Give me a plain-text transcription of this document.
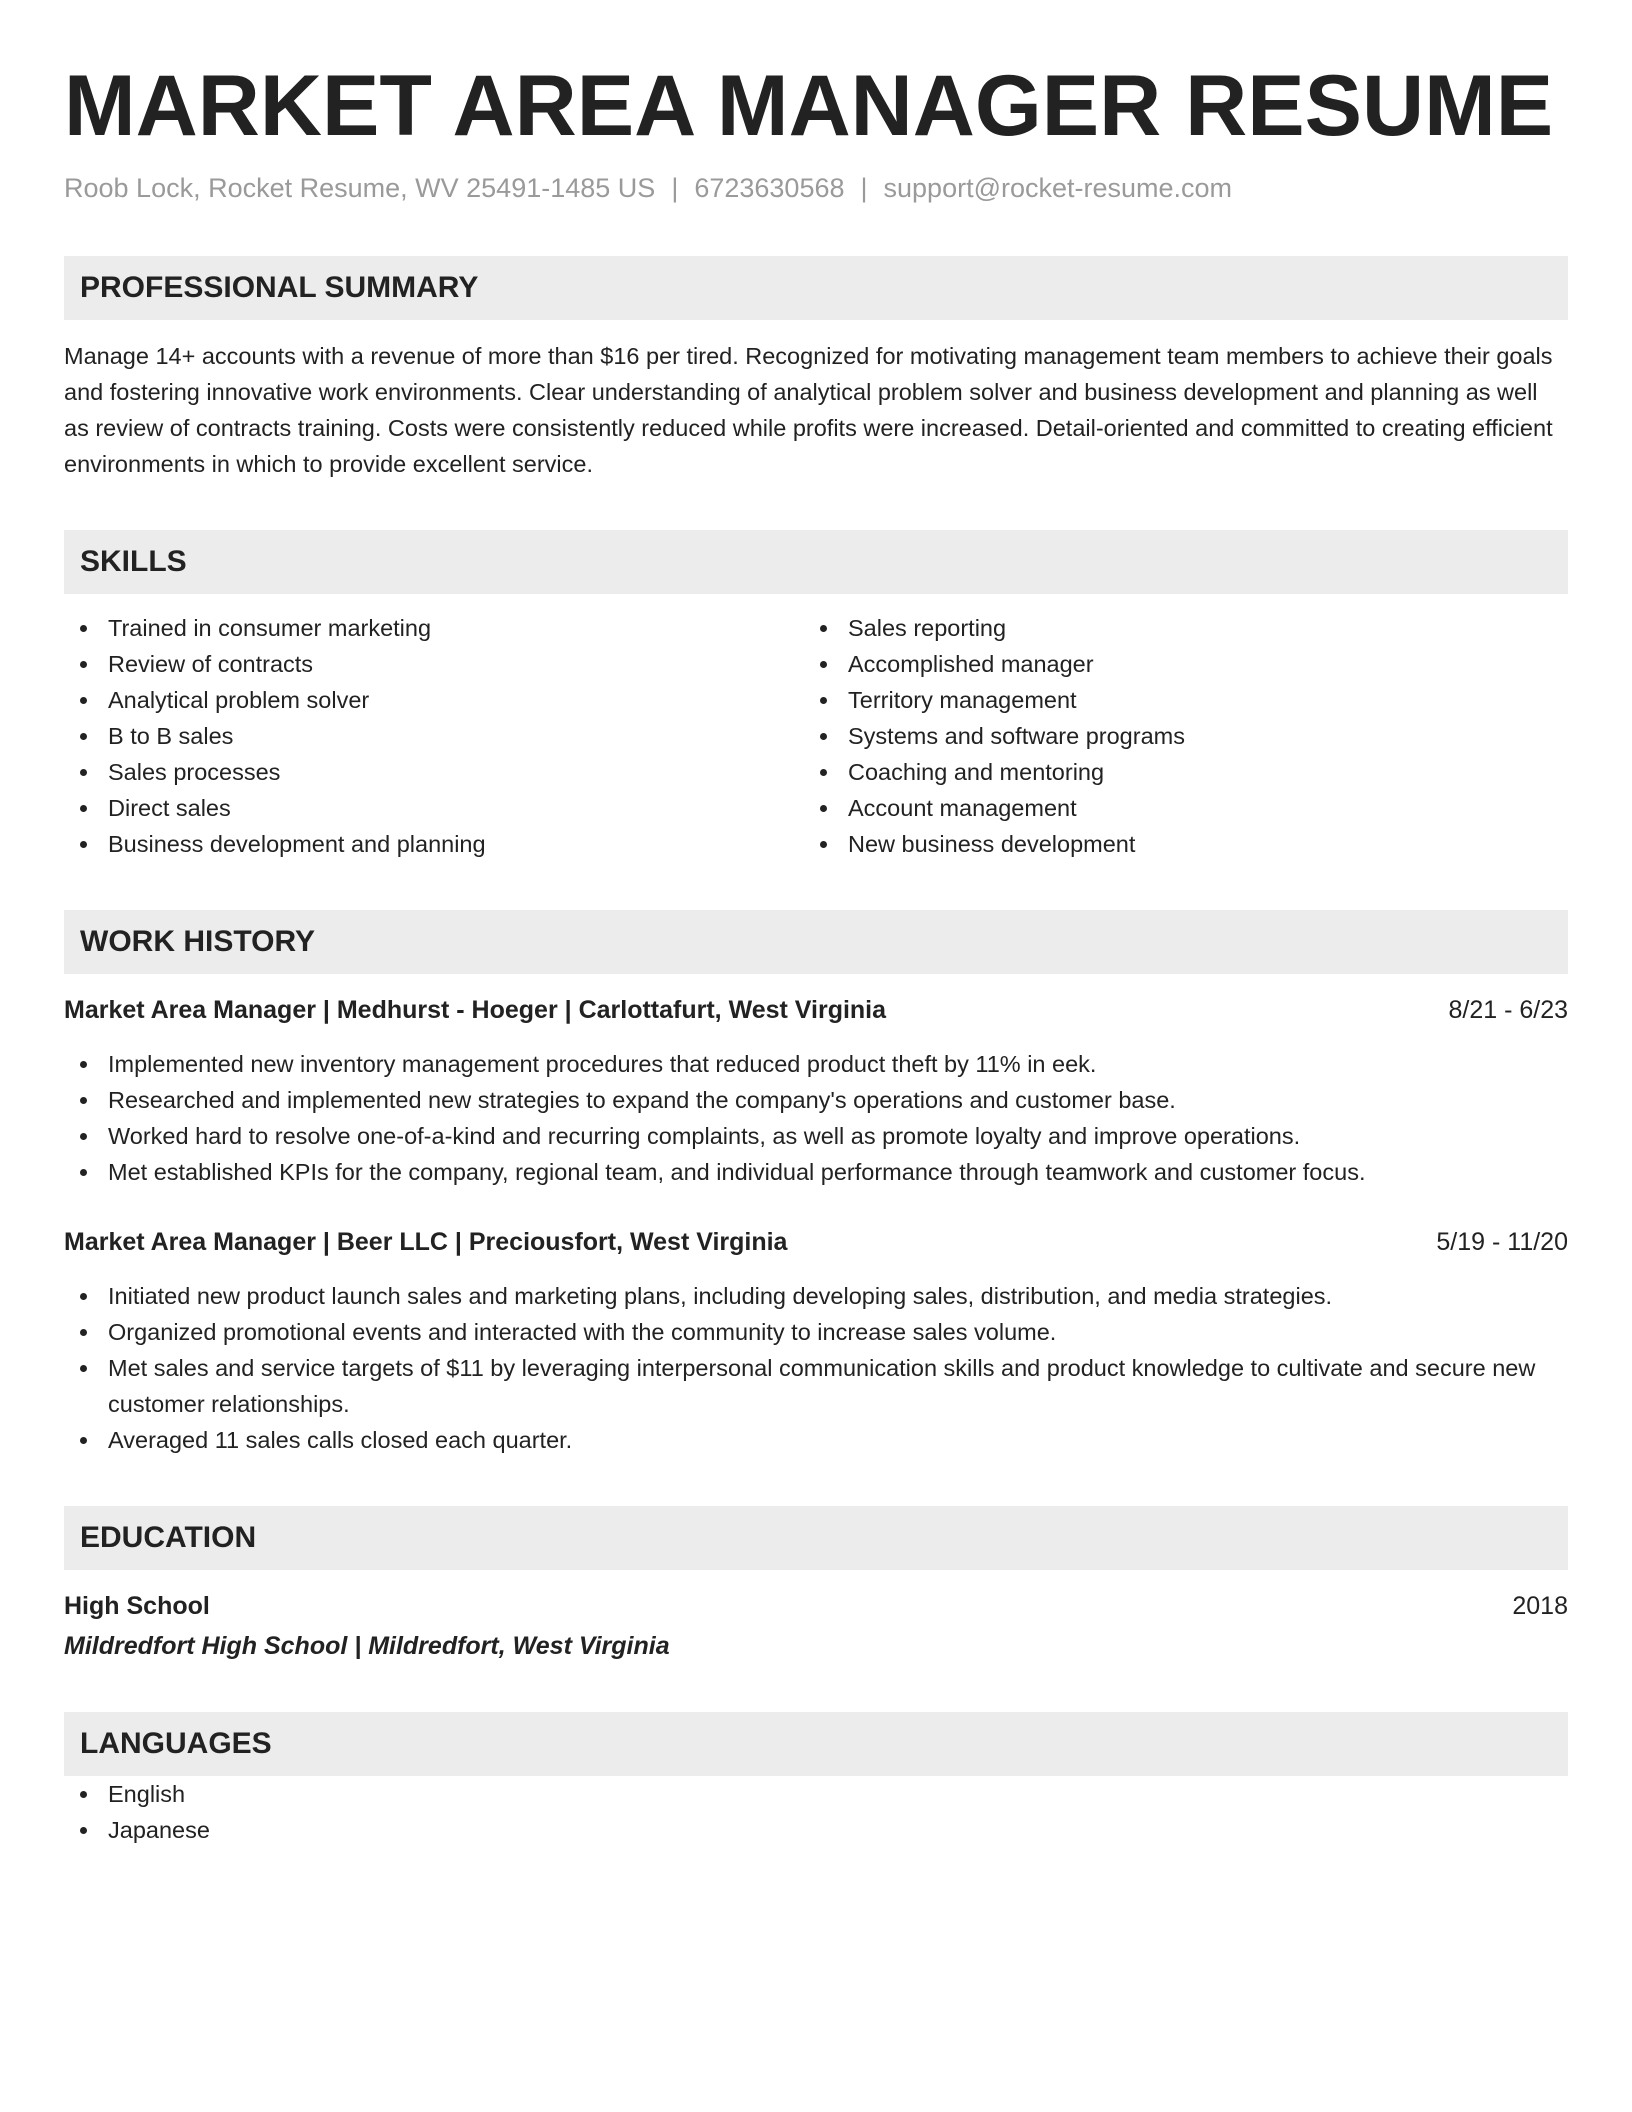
MARKET AREA MANAGER RESUME
Roob Lock, Rocket Resume, WV 25491-1485 US | 6723630568 | support@rocket-resume.com
PROFESSIONAL SUMMARY

Manage 14+ accounts with a revenue of more than $16 per tired. Recognized for motivating management team members to achieve their goals and fostering innovative work environments. Clear understanding of analytical problem solver and business development and planning as well as review of contracts training. Costs were consistently reduced while profits were increased. Detail-oriented and committed to creating efficient environments in which to provide excellent service.

SKILLS
Trained in consumer marketing
Review of contracts
Analytical problem solver
B to B sales
Sales processes
Direct sales
Business development and planning
Sales reporting
Accomplished manager
Territory management
Systems and software programs
Coaching and mentoring
Account management
New business development
WORK HISTORY
Market Area Manager | Medhurst - Hoeger | Carlottafurt, West Virginia	8/21 - 6/23
Implemented new inventory management procedures that reduced product theft by 11% in eek.
Researched and implemented new strategies to expand the company's operations and customer base.
Worked hard to resolve one-of-a-kind and recurring complaints, as well as promote loyalty and improve operations.
Met established KPIs for the company, regional team, and individual performance through teamwork and customer focus.
Market Area Manager | Beer LLC | Preciousfort, West Virginia	5/19 - 11/20
Initiated new product launch sales and marketing plans, including developing sales, distribution, and media strategies.
Organized promotional events and interacted with the community to increase sales volume.
Met sales and service targets of $11 by leveraging interpersonal communication skills and product knowledge to cultivate and secure new customer relationships.
Averaged 11 sales calls closed each quarter.
EDUCATION
High School	2018
Mildredfort High School | Mildredfort, West Virginia
LANGUAGES
English
Japanese
